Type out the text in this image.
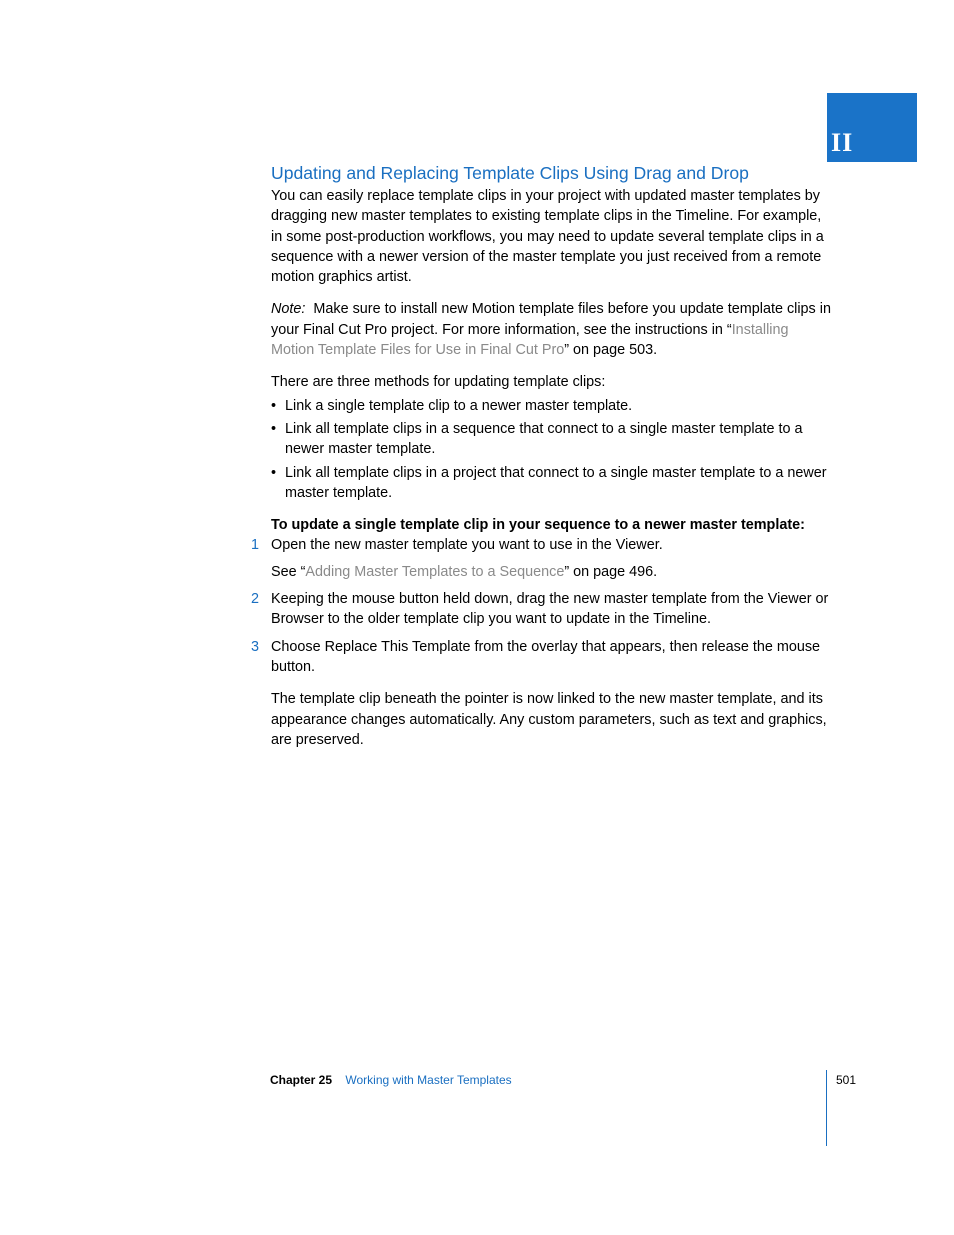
II
Updating and Replacing Template Clips Using Drag and Drop

You can easily replace template clips in your project with updated master templates by dragging new master templates to existing template clips in the Timeline. For example, in some post-production workflows, you may need to update several template clips in a sequence with a newer version of the master template you just received from a remote motion graphics artist.

Note: Make sure to install new Motion template files before you update template clips in your Final Cut Pro project. For more information, see the instructions in “Installing Motion Template Files for Use in Final Cut Pro” on page 503.

There are three methods for updating template clips:

• Link a single template clip to a newer master template.
• Link all template clips in a sequence that connect to a single master template to a newer master template.
• Link all template clips in a project that connect to a single master template to a newer master template.

To update a single template clip in your sequence to a newer master template:

1 Open the new master template you want to use in the Viewer.

See “Adding Master Templates to a Sequence” on page 496.

2 Keeping the mouse button held down, drag the new master template from the Viewer or Browser to the older template clip you want to update in the Timeline.

3 Choose Replace This Template from the overlay that appears, then release the mouse button.

The template clip beneath the pointer is now linked to the new master template, and its appearance changes automatically. Any custom parameters, such as text and graphics, are preserved.

Chapter 25 Working with Master Templates	501
